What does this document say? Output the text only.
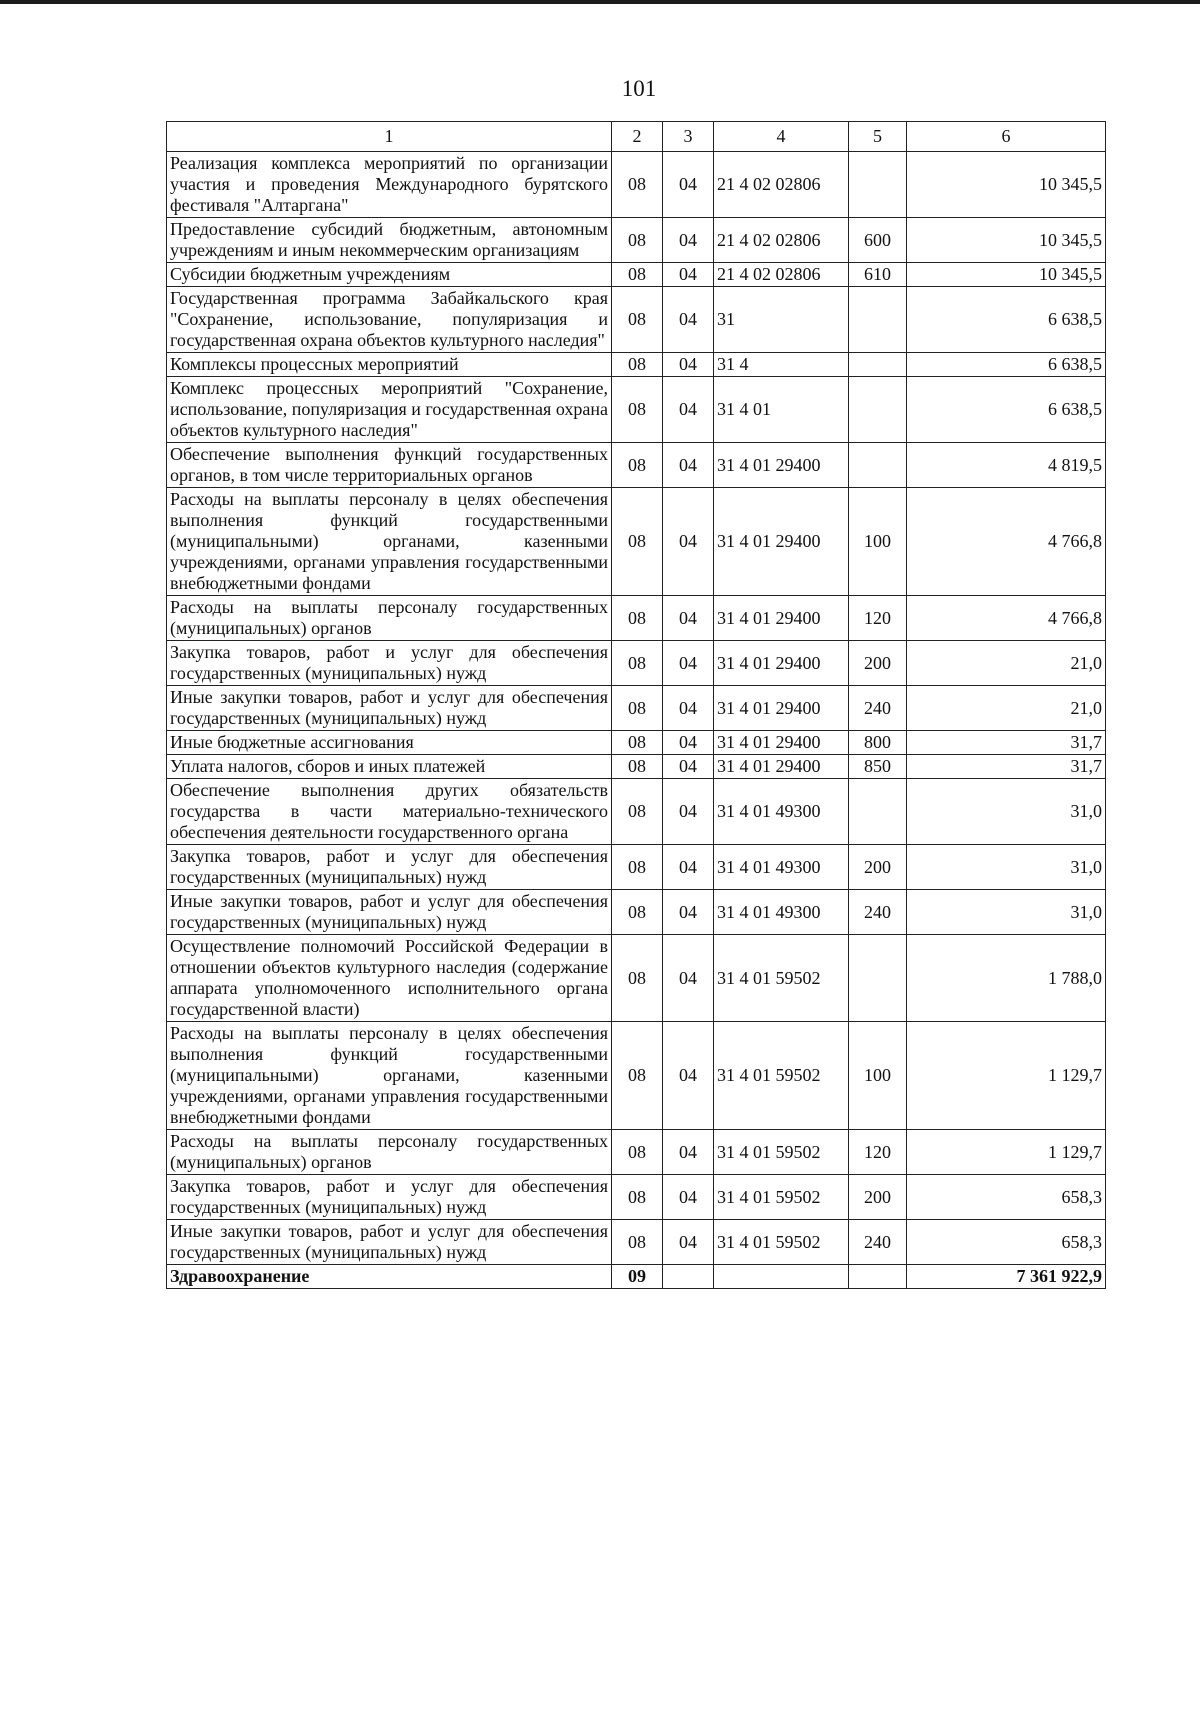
101
1	2	3	4	5	6
Реализация комплекса мероприятий по организации участия и проведения Международного бурятского фестиваля "Алтаргана"	08	04	21 4 02 02806		10 345,5
Предоставление субсидий бюджетным, автономным учреждениям и иным некоммерческим организациям	08	04	21 4 02 02806	600	10 345,5
Субсидии бюджетным учреждениям	08	04	21 4 02 02806	610	10 345,5
Государственная программа Забайкальского края "Сохранение, использование, популяризация и государственная охрана объектов культурного наследия"	08	04	31		6 638,5
Комплексы процессных мероприятий	08	04	31 4		6 638,5
Комплекс процессных мероприятий "Сохранение, использование, популяризация и государственная охрана объектов культурного наследия"	08	04	31 4 01		6 638,5
Обеспечение выполнения функций государственных органов, в том числе территориальных органов	08	04	31 4 01 29400		4 819,5
Расходы на выплаты персоналу в целях обеспечения выполнения функций государственными (муниципальными) органами, казенными учреждениями, органами управления государственными внебюджетными фондами	08	04	31 4 01 29400	100	4 766,8
Расходы на выплаты персоналу государственных (муниципальных) органов	08	04	31 4 01 29400	120	4 766,8
Закупка товаров, работ и услуг для обеспечения государственных (муниципальных) нужд	08	04	31 4 01 29400	200	21,0
Иные закупки товаров, работ и услуг для обеспечения государственных (муниципальных) нужд	08	04	31 4 01 29400	240	21,0
Иные бюджетные ассигнования	08	04	31 4 01 29400	800	31,7
Уплата налогов, сборов и иных платежей	08	04	31 4 01 29400	850	31,7
Обеспечение выполнения других обязательств государства в части материально-технического обеспечения деятельности государственного органа	08	04	31 4 01 49300		31,0
Закупка товаров, работ и услуг для обеспечения государственных (муниципальных) нужд	08	04	31 4 01 49300	200	31,0
Иные закупки товаров, работ и услуг для обеспечения государственных (муниципальных) нужд	08	04	31 4 01 49300	240	31,0
Осуществление полномочий Российской Федерации в отношении объектов культурного наследия (содержание аппарата уполномоченного исполнительного органа государственной власти)	08	04	31 4 01 59502		1 788,0
Расходы на выплаты персоналу в целях обеспечения выполнения функций государственными (муниципальными) органами, казенными учреждениями, органами управления государственными внебюджетными фондами	08	04	31 4 01 59502	100	1 129,7
Расходы на выплаты персоналу государственных (муниципальных) органов	08	04	31 4 01 59502	120	1 129,7
Закупка товаров, работ и услуг для обеспечения государственных (муниципальных) нужд	08	04	31 4 01 59502	200	658,3
Иные закупки товаров, работ и услуг для обеспечения государственных (муниципальных) нужд	08	04	31 4 01 59502	240	658,3
Здравоохранение	09				7 361 922,9
